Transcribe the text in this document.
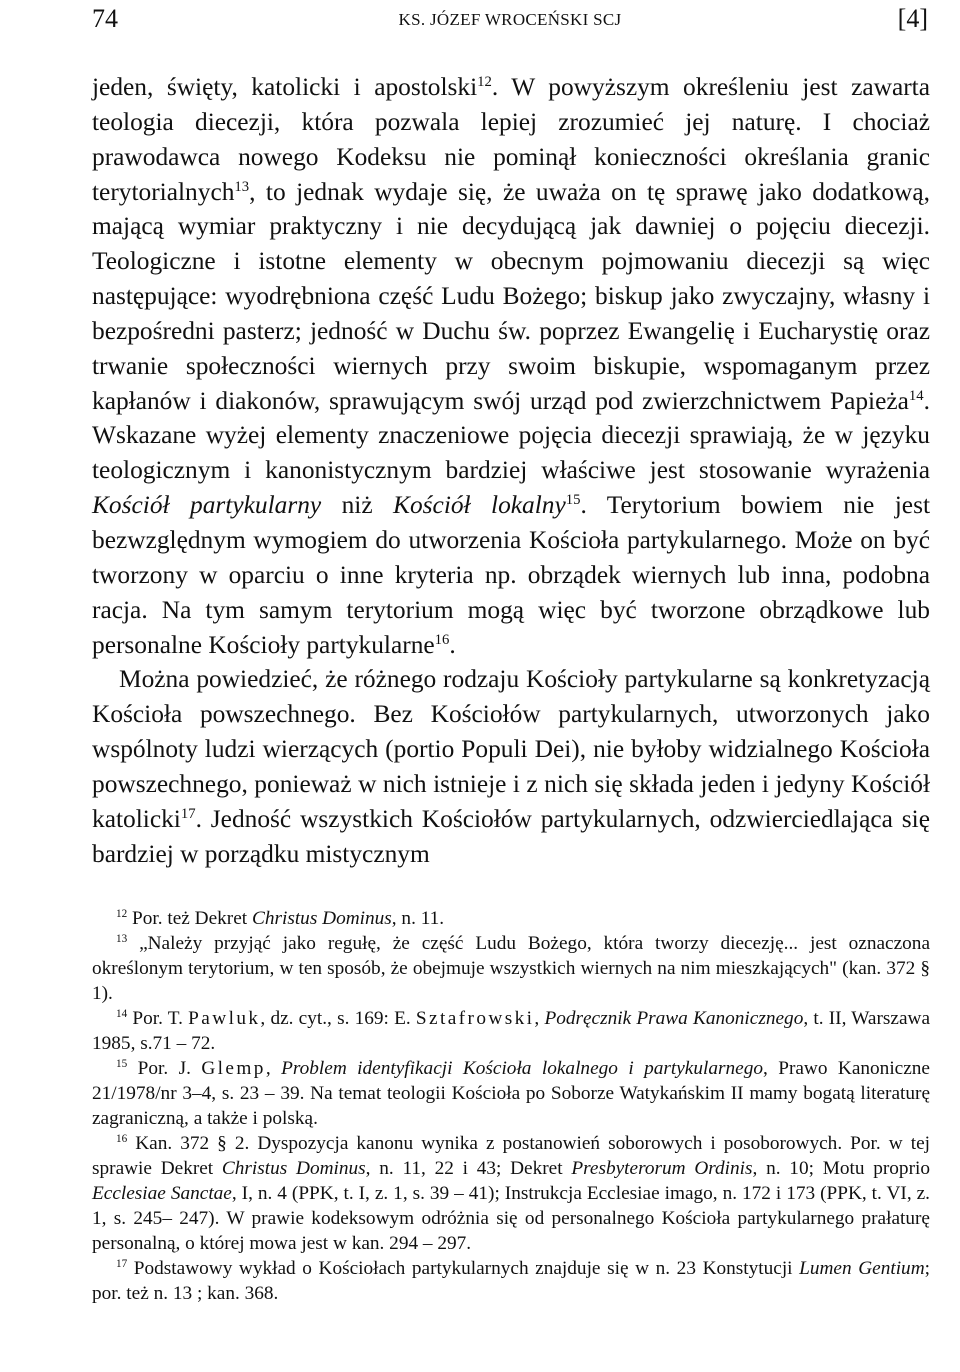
74	KS. JÓZEF WROCEŃSKI SCJ	[4]

jeden, święty, katolicki i apostolski$^{12}$. W powyższym określeniu jest zawarta teologia diecezji, która pozwala lepiej zrozumieć jej naturę. I chociaż prawodawca nowego Kodeksu nie pominął konieczności określania granic terytorialnych$^{13}$, to jednak wydaje się, że uważa on tę sprawę jako dodatkową, mającą wymiar praktyczny i nie decydującą jak dawniej o pojęciu diecezji. Teologiczne i istotne elementy w obecnym pojmowaniu diecezji są więc następujące: wyodrębniona część Ludu Bożego; biskup jako zwyczajny, własny i bezpośredni pasterz; jedność w Duchu św. poprzez Ewangelię i Eucharystię oraz trwanie społeczności wiernych przy swoim biskupie, wspomaganym przez kapłanów i diakonów, sprawującym swój urząd pod zwierzchnictwem Papieża$^{14}$. Wskazane wyżej elementy znaczeniowe pojęcia diecezji sprawiają, że w języku teologicznym i kanonistycznym bardziej właściwe jest stosowanie wyrażenia Kościół partykularny niż Kościół lokalny$^{15}$. Terytorium bowiem nie jest bezwzględnym wymogiem do utworzenia Kościoła partykularnego. Może on być tworzony w oparciu o inne kryteria np. obrządek wiernych lub inna, podobna racja. Na tym samym terytorium mogą więc być tworzone obrządkowe lub personalne Kościoły partykularne$^{16}$.

Można powiedzieć, że różnego rodzaju Kościoły partykularne są konkretyzacją Kościoła powszechnego. Bez Kościołów partykularnych, utworzonych jako wspólnoty ludzi wierzących (portio Populi Dei), nie byłoby widzialnego Kościoła powszechnego, ponieważ w nich istnieje i z nich się składa jeden i jedyny Kościół katolicki$^{17}$. Jedność wszystkich Kościołów partykularnych, odzwierciedlająca się bardziej w porządku mistycznym

$^{12}$ Por. też Dekret Christus Dominus, n. 11.

$^{13}$ „Należy przyjąć jako regułę, że część Ludu Bożego, która tworzy diecezję... jest oznaczona określonym terytorium, w ten sposób, że obejmuje wszystkich wiernych na nim mieszkających" (kan. 372 § 1).

$^{14}$ Por. T. Pawluk, dz. cyt., s. 169: E. Sztafrowski, Podręcznik Prawa Kanonicznego, t. II, Warszawa 1985, s.71 – 72.

$^{15}$ Por. J. Glemp, Problem identyfikacji Kościoła lokalnego i partykularnego, Prawo Kanoniczne 21/1978/nr 3–4, s. 23 – 39. Na temat teologii Kościoła po Soborze Watykańskim II mamy bogatą literaturę zagraniczną, a także i polską.

$^{16}$ Kan. 372 § 2. Dyspozycja kanonu wynika z postanowień soborowych i posoborowych. Por. w tej sprawie Dekret Christus Dominus, n. 11, 22 i 43; Dekret Presbyterorum Ordinis, n. 10; Motu proprio Ecclesiae Sanctae, I, n. 4 (PPK, t. I, z. 1, s. 39 – 41); Instrukcja Ecclesiae imago, n. 172 i 173 (PPK, t. VI, z. 1, s. 245– 247). W prawie kodeksowym odróżnia się od personalnego Kościoła partykularnego prałaturę personalną, o której mowa jest w kan. 294 – 297.

$^{17}$ Podstawowy wykład o Kościołach partykularnych znajduje się w n. 23 Konstytucji Lumen Gentium; por. też n. 13 ; kan. 368.
